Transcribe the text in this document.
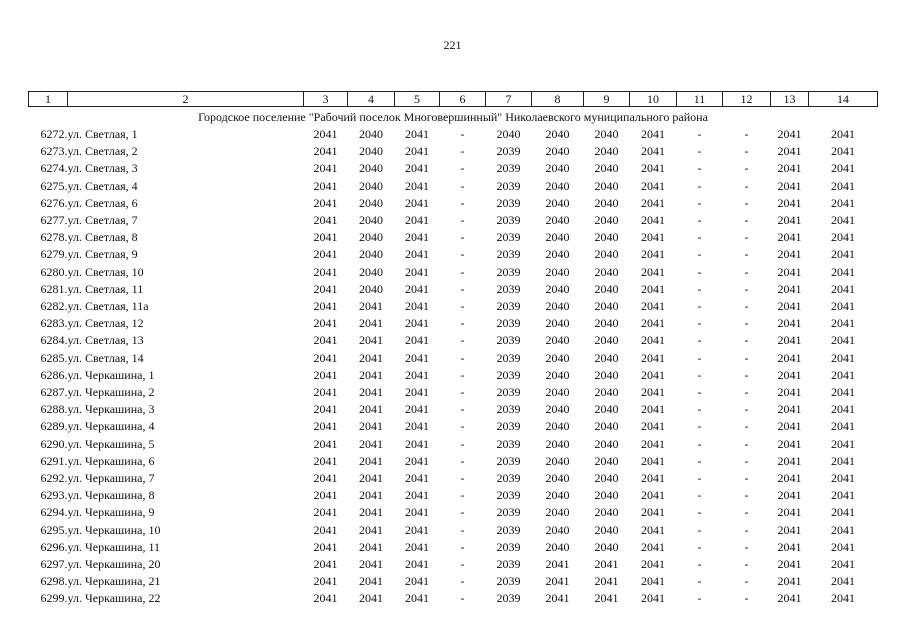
221
1	2	3	4	5	6	7	8	9	10	11	12	13	14
Городское поселение "Рабочий поселок Многовершинный" Николаевского муниципального района													
6272.	ул. Светлая, 1	2041	2040	2041	-	2040	2040	2040	2041	-	-	2041	2041
6273.	ул. Светлая, 2	2041	2040	2041	-	2039	2040	2040	2041	-	-	2041	2041
6274.	ул. Светлая, 3	2041	2040	2041	-	2039	2040	2040	2041	-	-	2041	2041
6275.	ул. Светлая, 4	2041	2040	2041	-	2039	2040	2040	2041	-	-	2041	2041
6276.	ул. Светлая, 6	2041	2040	2041	-	2039	2040	2040	2041	-	-	2041	2041
6277.	ул. Светлая, 7	2041	2040	2041	-	2039	2040	2040	2041	-	-	2041	2041
6278.	ул. Светлая, 8	2041	2040	2041	-	2039	2040	2040	2041	-	-	2041	2041
6279.	ул. Светлая, 9	2041	2040	2041	-	2039	2040	2040	2041	-	-	2041	2041
6280.	ул. Светлая, 10	2041	2040	2041	-	2039	2040	2040	2041	-	-	2041	2041
6281.	ул. Светлая, 11	2041	2040	2041	-	2039	2040	2040	2041	-	-	2041	2041
6282.	ул. Светлая, 11а	2041	2041	2041	-	2039	2040	2040	2041	-	-	2041	2041
6283.	ул. Светлая, 12	2041	2041	2041	-	2039	2040	2040	2041	-	-	2041	2041
6284.	ул. Светлая, 13	2041	2041	2041	-	2039	2040	2040	2041	-	-	2041	2041
6285.	ул. Светлая, 14	2041	2041	2041	-	2039	2040	2040	2041	-	-	2041	2041
6286.	ул. Черкашина, 1	2041	2041	2041	-	2039	2040	2040	2041	-	-	2041	2041
6287.	ул. Черкашина, 2	2041	2041	2041	-	2039	2040	2040	2041	-	-	2041	2041
6288.	ул. Черкашина, 3	2041	2041	2041	-	2039	2040	2040	2041	-	-	2041	2041
6289.	ул. Черкашина, 4	2041	2041	2041	-	2039	2040	2040	2041	-	-	2041	2041
6290.	ул. Черкашина, 5	2041	2041	2041	-	2039	2040	2040	2041	-	-	2041	2041
6291.	ул. Черкашина, 6	2041	2041	2041	-	2039	2040	2040	2041	-	-	2041	2041
6292.	ул. Черкашина, 7	2041	2041	2041	-	2039	2040	2040	2041	-	-	2041	2041
6293.	ул. Черкашина, 8	2041	2041	2041	-	2039	2040	2040	2041	-	-	2041	2041
6294.	ул. Черкашина, 9	2041	2041	2041	-	2039	2040	2040	2041	-	-	2041	2041
6295.	ул. Черкашина, 10	2041	2041	2041	-	2039	2040	2040	2041	-	-	2041	2041
6296.	ул. Черкашина, 11	2041	2041	2041	-	2039	2040	2040	2041	-	-	2041	2041
6297.	ул. Черкашина, 20	2041	2041	2041	-	2039	2041	2041	2041	-	-	2041	2041
6298.	ул. Черкашина, 21	2041	2041	2041	-	2039	2041	2041	2041	-	-	2041	2041
6299.	ул. Черкашина, 22	2041	2041	2041	-	2039	2041	2041	2041	-	-	2041	2041
